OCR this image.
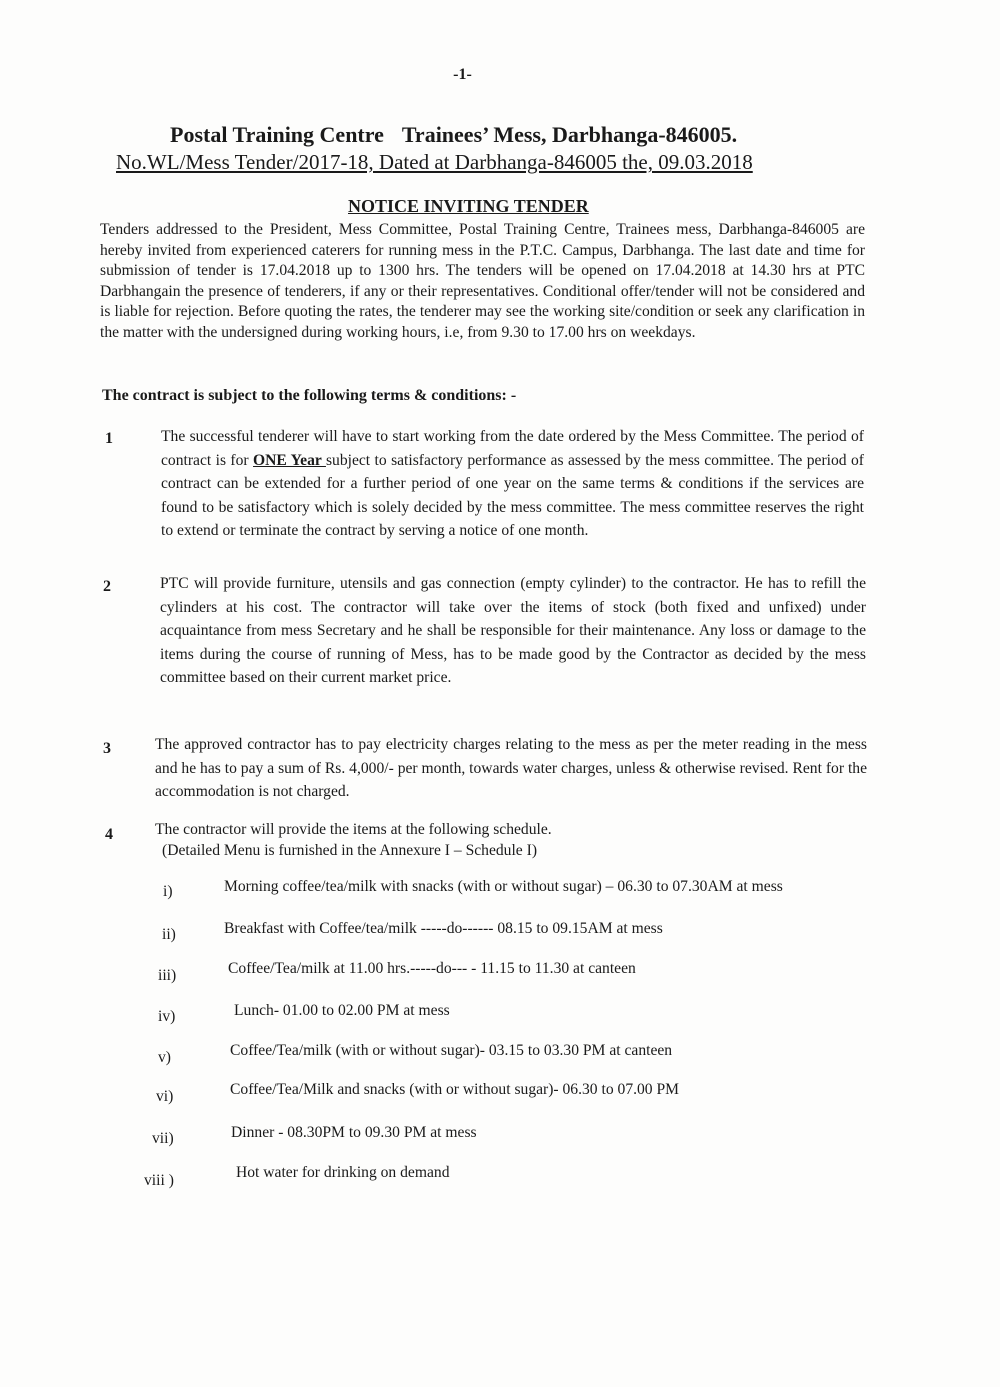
-1-
Postal Training Centre Trainees’ Mess, Darbhanga-846005.
No.WL/Mess Tender/2017-18, Dated at Darbhanga-846005 the, 09.03.2018
NOTICE INVITING TENDER
Tenders addressed to the President, Mess Committee, Postal Training Centre, Trainees mess, Darbhanga-846005 are hereby invited from experienced caterers for running mess in the P.T.C. Campus, Darbhanga. The last date and time for submission of tender is 17.04.2018 up to 1300 hrs. The tenders will be opened on 17.04.2018 at 14.30 hrs at PTC Darbhangain the presence of tenderers, if any or their representatives. Conditional offer/tender will not be considered and is liable for rejection. Before quoting the rates, the tenderer may see the working site/condition or seek any clarification in the matter with the undersigned during working hours, i.e, from 9.30 to 17.00 hrs on weekdays.
The contract is subject to the following terms & conditions: -
1	The successful tenderer will have to start working from the date ordered by the Mess Committee. The period of contract is for ONE Year subject to satisfactory performance as assessed by the mess committee. The period of contract can be extended for a further period of one year on the same terms & conditions if the services are found to be satisfactory which is solely decided by the mess committee. The mess committee reserves the right to extend or terminate the contract by serving a notice of one month.
2	PTC will provide furniture, utensils and gas connection (empty cylinder) to the contractor. He has to refill the cylinders at his cost. The contractor will take over the items of stock (both fixed and unfixed) under acquaintance from mess Secretary and he shall be responsible for their maintenance. Any loss or damage to the items during the course of running of Mess, has to be made good by the Contractor as decided by the mess committee based on their current market price.
3	The approved contractor has to pay electricity charges relating to the mess as per the meter reading in the mess and he has to pay a sum of Rs. 4,000/- per month, towards water charges, unless & otherwise revised. Rent for the accommodation is not charged.
4	The contractor will provide the items at the following schedule.
(Detailed Menu is furnished in the Annexure I – Schedule I)
i)	Morning coffee/tea/milk with snacks (with or without sugar) – 06.30 to 07.30AM at mess
ii)	Breakfast with Coffee/tea/milk -----do------ 08.15 to 09.15AM at mess
iii)	Coffee/Tea/milk at 11.00 hrs.-----do--- - 11.15 to 11.30 at canteen
iv)	Lunch- 01.00 to 02.00 PM at mess
v)	Coffee/Tea/milk (with or without sugar)- 03.15 to 03.30 PM at canteen
vi)	Coffee/Tea/Milk and snacks (with or without sugar)- 06.30 to 07.00 PM
vii)	Dinner - 08.30PM to 09.30 PM at mess
viii )	Hot water for drinking on demand
